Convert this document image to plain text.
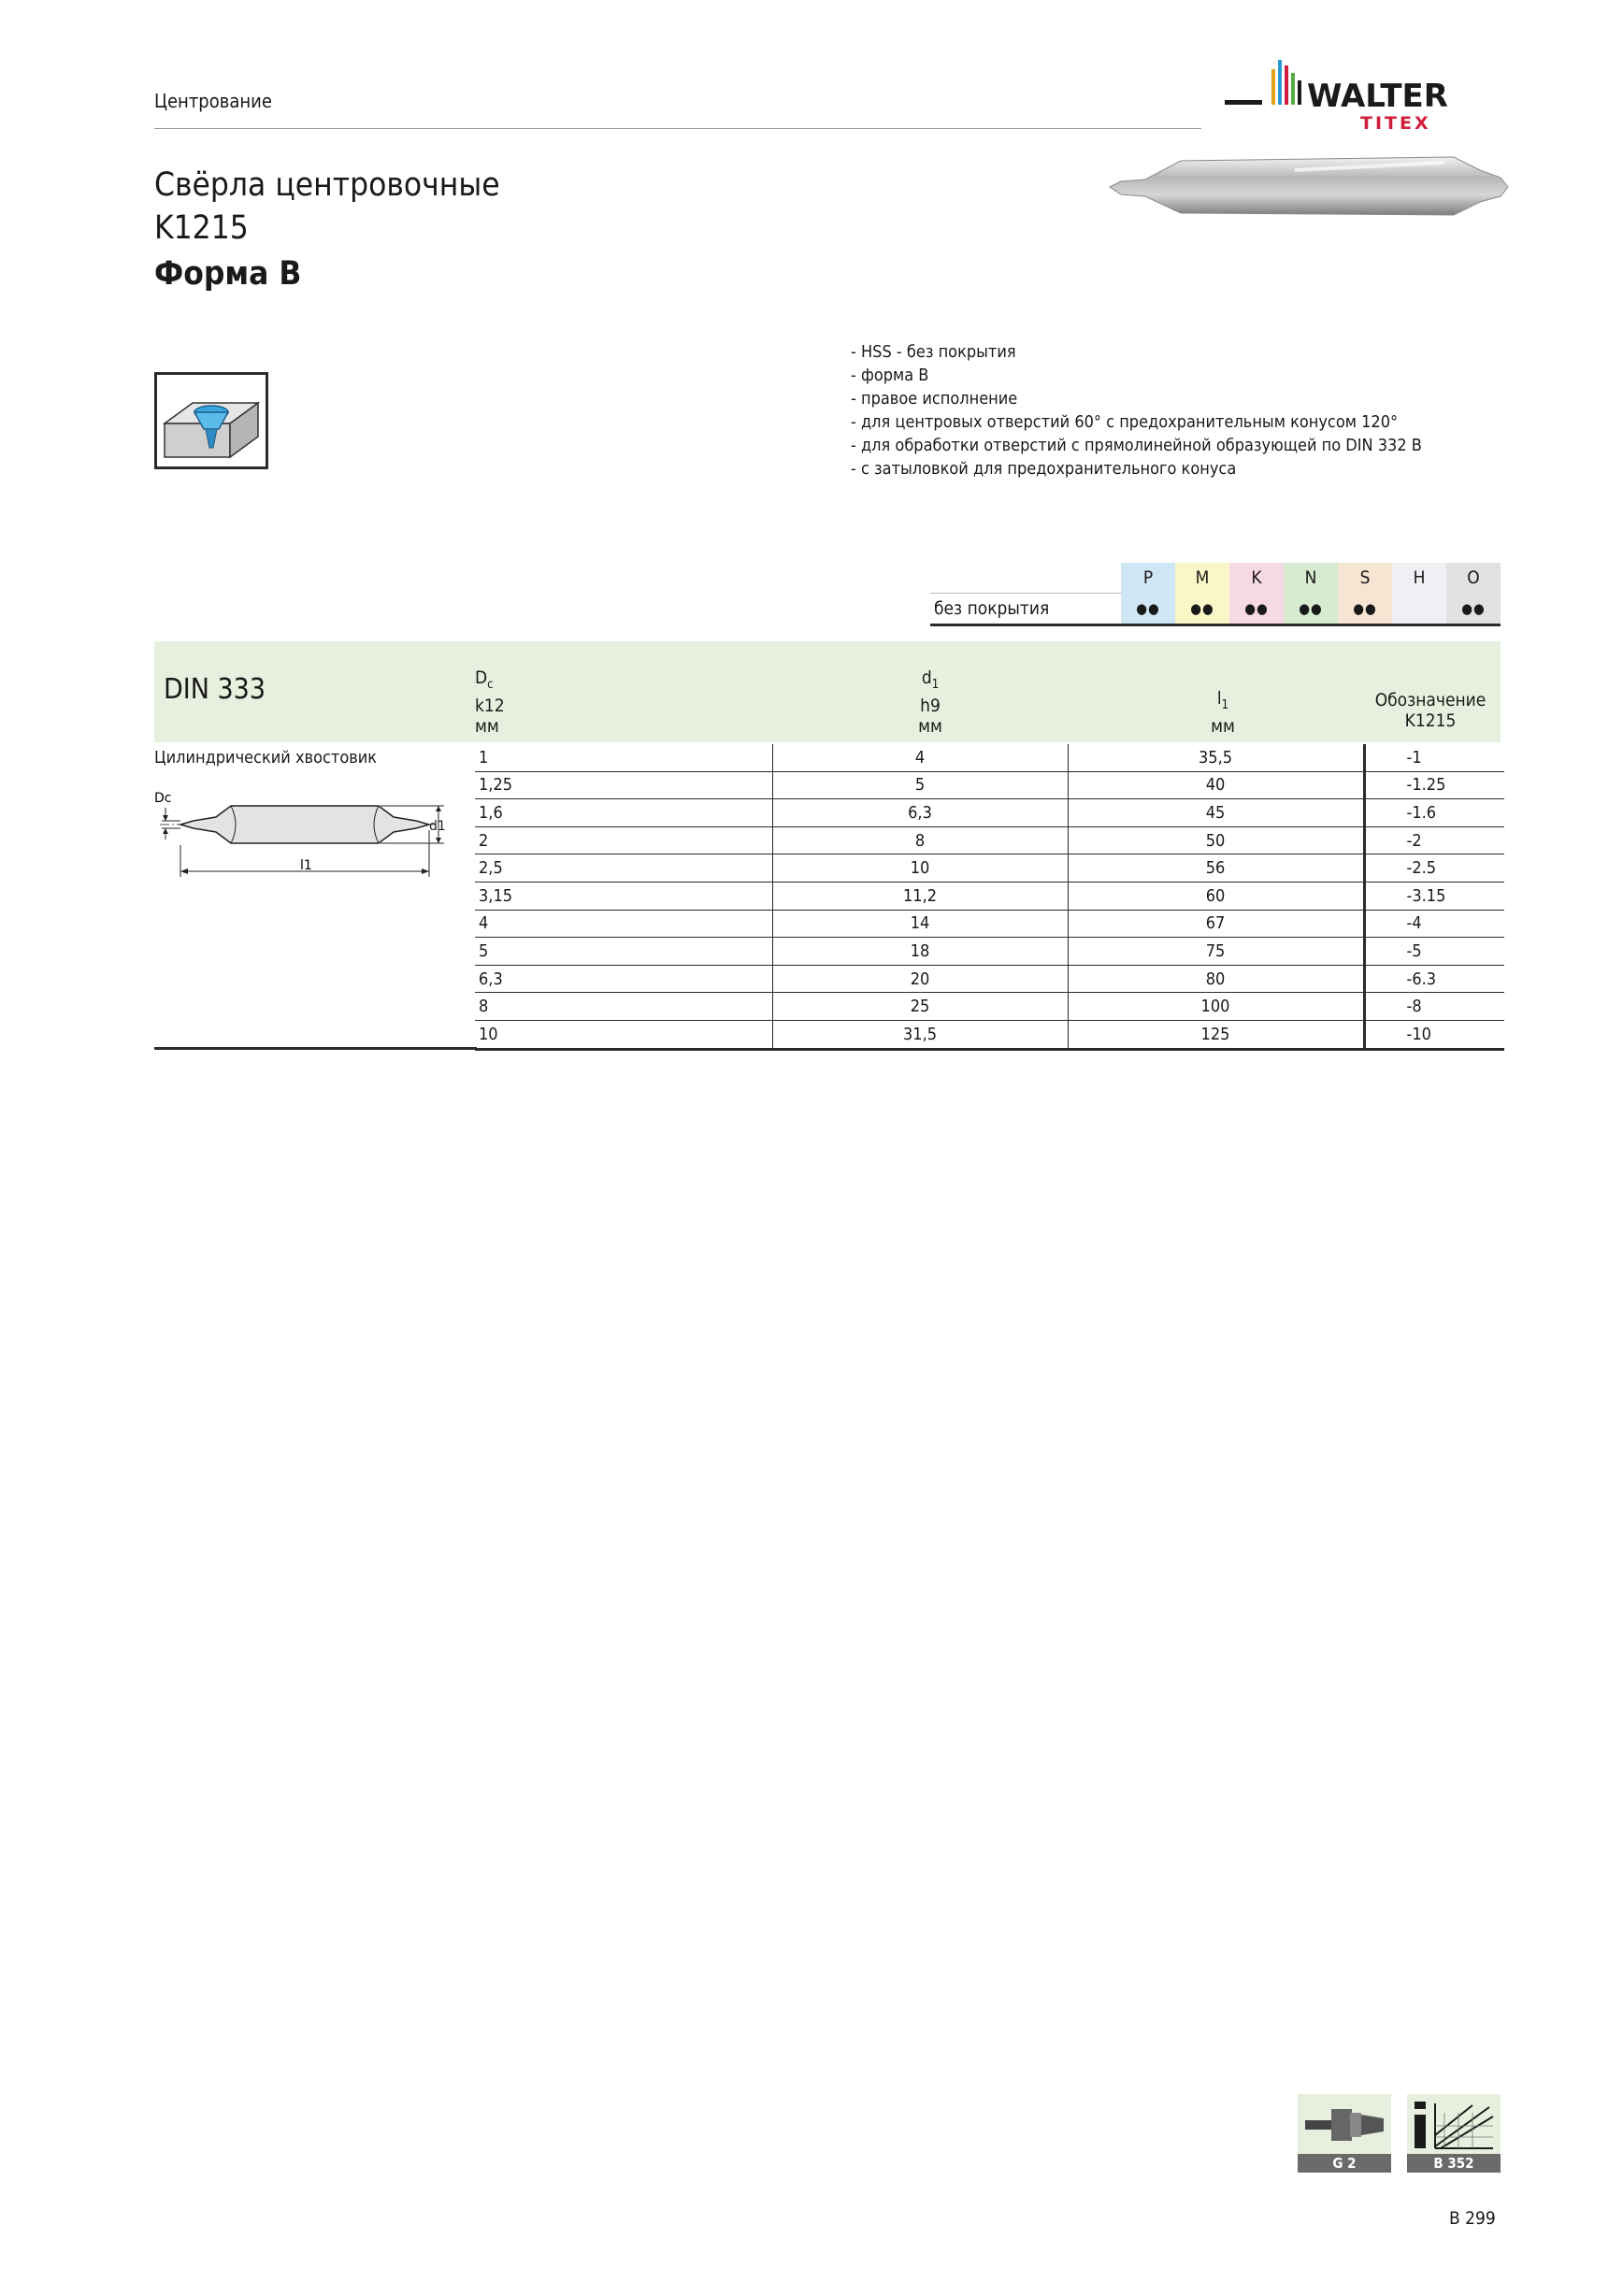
Центрование	WALTER
TITEX
Свёрла центровочные
K1215
Форма B
- HSS - без покрытия
- форма B
- правое исполнение
- для центровых отверстий 60° с предохранительным конусом 120°
- для обработки отверстий с прямолинейной образующей по DIN 332 B
- с затыловкой для предохранительного конуса
	P	M	K	N	S	H	O
без покрытия	●●	●●	●●	●●	●●		●●
$D_c$
k12
мм
$d_1$
h9
мм
$l_1$
мм
Обозначение
K1215
DIN 333
Цилиндрический хвостовик
Dc
d1
l1
1	4	35,5	-1
1,25	5	40	-1.25
1,6	6,3	45	-1.6
2	8	50	-2
2,5	10	56	-2.5
3,15	11,2	60	-3.15
4	14	67	-4
5	18	75	-5
6,3	20	80	-6.3
8	25	100	-8
10	31,5	125	-10
G 2	B 352
B 299
